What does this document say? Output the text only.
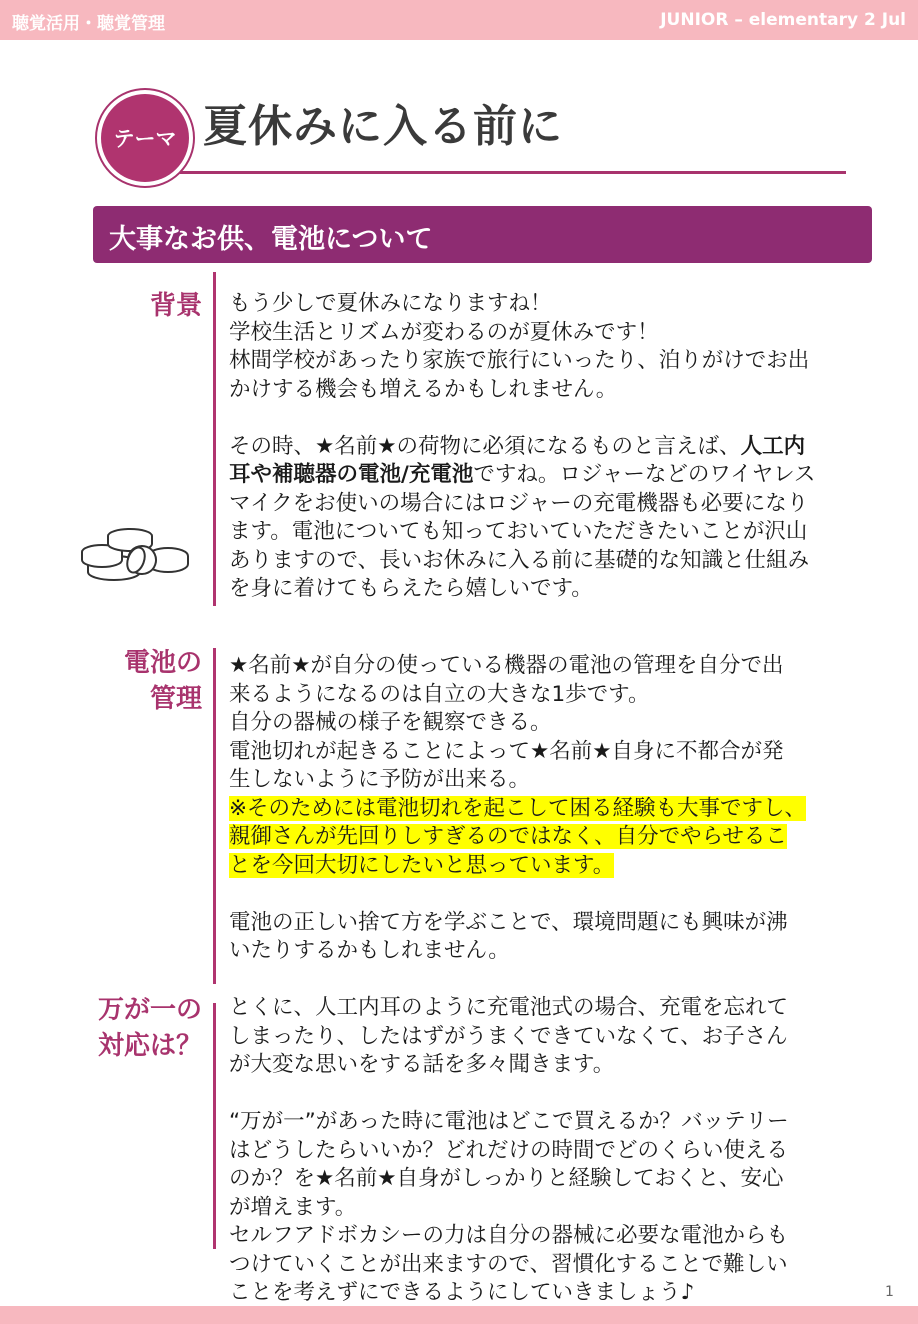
聴覚活用・聴覚管理	JUNIOR – elementary 2 Jul
テーマ 夏休みに入る前に
大事なお供、電池について
背景 もう少しで夏休みになりますね！

学校生活とリズムが変わるのが夏休みです！

林間学校があったり家族で旅行にいったり、泊りがけでお出

かけする機会も増えるかもしれません。

その時、★名前★の荷物に必須になるものと言えば、人工内

耳や補聴器の電池/充電池ですね。ロジャーなどのワイヤレス

マイクをお使いの場合にはロジャーの充電機器も必要になり

ます。電池についても知っておいていただきたいことが沢山

ありますので、長いお休みに入る前に基礎的な知識と仕組み

を身に着けてもらえたら嬉しいです。

電池の
管理

★名前★が自分の使っている機器の電池の管理を自分で出

来るようになるのは自立の大きな1歩です。

自分の器械の様子を観察できる。

電池切れが起きることによって★名前★自身に不都合が発

生しないように予防が出来る。

※そのためには電池切れを起こして困る経験も大事ですし、

親御さんが先回りしすぎるのではなく、自分でやらせるこ

とを今回大切にしたいと思っています。

電池の正しい捨て方を学ぶことで、環境問題にも興味が沸

いたりするかもしれません。

万が一の
対応は？

とくに、人工内耳のように充電池式の場合、充電を忘れて

しまったり、したはずがうまくできていなくて、お子さん

が大変な思いをする話を多々聞きます。

“万が一”があった時に電池はどこで買えるか？バッテリー

はどうしたらいいか？どれだけの時間でどのくらい使える

のか？を★名前★自身がしっかりと経験しておくと、安心

が増えます。

セルフアドボカシーの力は自分の器械に必要な電池からも

つけていくことが出来ますので、習慣化することで難しい

ことを考えずにできるようにしていきましょう♪	1
